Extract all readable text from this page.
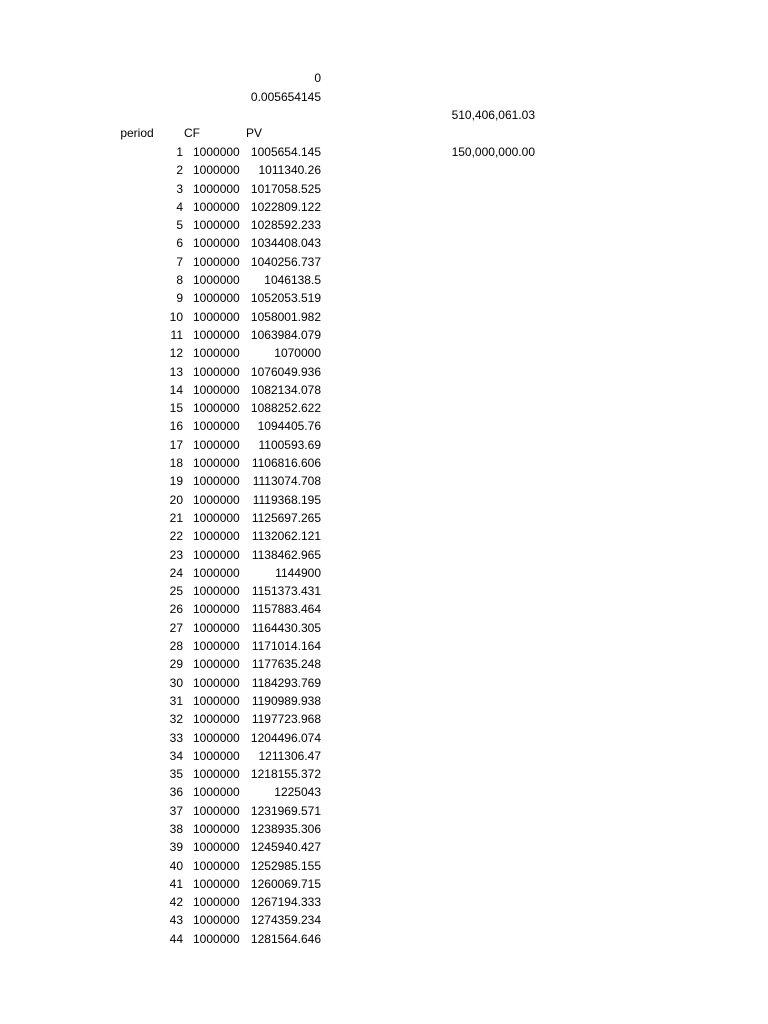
0
0.005654145
510,406,061.03
150,000,000.00
period	CF	PV
1 1000000 1005654.145
2 1000000	1011340.26
3 1000000 1017058.525
4 1000000 1022809.122
5 1000000 1028592.233
6 1000000 1034408.043
7 1000000 1040256.737
8 1000000	1046138.5
9 1000000 1052053.519
10 1000000 1058001.982
11 1000000 1063984.079
12 1000000	1070000
13 1000000 1076049.936
14 1000000 1082134.078
15 1000000 1088252.622
16 1000000	1094405.76
17 1000000	1100593.69
18 1000000	1106816.606
19 1000000	1113074.708
20 1000000	1119368.195
21 1000000	1125697.265
22 1000000	1132062.121
23 1000000	1138462.965
24 1000000	1144900
25 1000000	1151373.431
26 1000000	1157883.464
27 1000000	1164430.305
28 1000000	1171014.164
29 1000000	1177635.248
30 1000000	1184293.769
31 1000000	1190989.938
32 1000000	1197723.968
33 1000000 1204496.074
34 1000000	1211306.47
35 1000000 1218155.372
36 1000000	1225043
37 1000000 1231969.571
38 1000000 1238935.306
39 1000000 1245940.427
40 1000000 1252985.155
41 1000000 1260069.715
42 1000000 1267194.333
43 1000000 1274359.234
44 1000000 1281564.646
